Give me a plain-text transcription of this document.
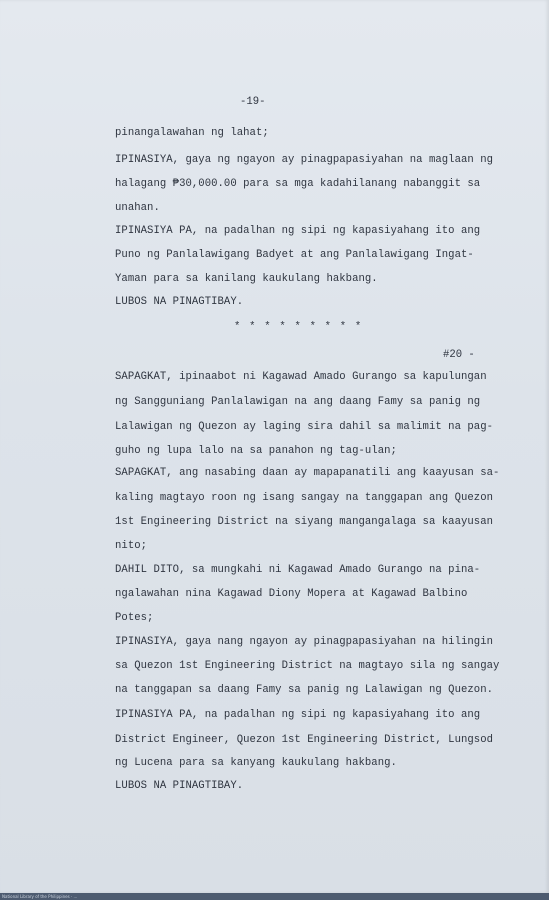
-19-
pinangalawahan ng lahat;
IPINASIYA, gaya ng ngayon ay pinagpapasiyahan na maglaan ng
halagang ₱30,000.00 para sa mga kadahilanang nabanggit sa
unahan.
IPINASIYA PA, na padalhan ng sipi ng kapasiyahang ito ang
Puno ng Panlalawigang Badyet at ang Panlalawigang Ingat-
Yaman para sa kanilang kaukulang hakbang.
LUBOS NA PINAGTIBAY.
* * * * * * * * *
#20 -
SAPAGKAT, ipinaabot ni Kagawad Amado Gurango sa kapulungan
ng Sangguniang Panlalawigan na ang daang Famy sa panig ng
Lalawigan ng Quezon ay laging sira dahil sa malimit na pag-
guho ng lupa lalo na sa panahon ng tag-ulan;
SAPAGKAT, ang nasabing daan ay mapapanatili ang kaayusan sa-
kaling magtayo roon ng isang sangay na tanggapan ang Quezon
1st Engineering District na siyang mangangalaga sa kaayusan
nito;
DAHIL DITO, sa mungkahi ni Kagawad Amado Gurango na pina-
ngalawahan nina Kagawad Diony Mopera at Kagawad Balbino
Potes;
IPINASIYA, gaya nang ngayon ay pinagpapasiyahan na hilingin
sa Quezon 1st Engineering District na magtayo sila ng sangay
na tanggapan sa daang Famy sa panig ng Lalawigan ng Quezon.
IPINASIYA PA, na padalhan ng sipi ng kapasiyahang ito ang
District Engineer, Quezon 1st Engineering District, Lungsod
ng Lucena para sa kanyang kaukulang hakbang.
LUBOS NA PINAGTIBAY.
National Library of the Philippines · ...
